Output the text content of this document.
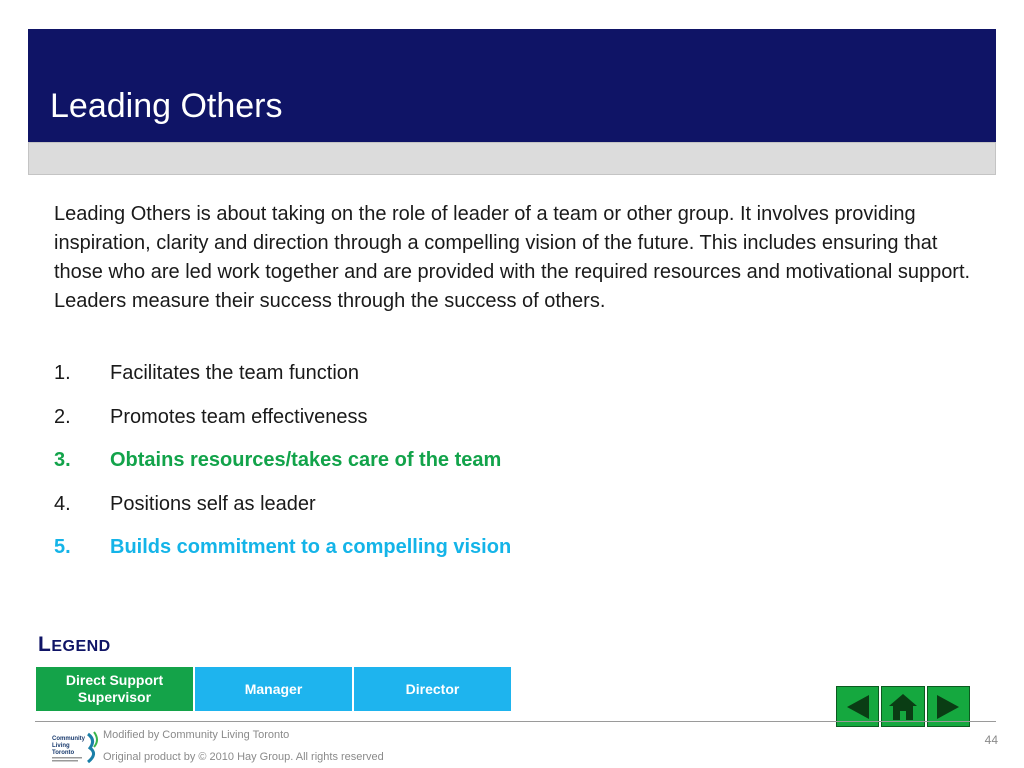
Leading Others

Leading Others is about taking on the role of leader of a team or other group. It involves providing inspiration, clarity and direction through a compelling vision of the future. This includes ensuring that those who are led work together and are provided with the required resources and motivational support. Leaders measure their success through the success of others.

1. Facilitates the team function
2. Promotes team effectiveness
3. Obtains resources/takes care of the team
4. Positions self as leader
5. Builds commitment to a compelling vision
LEGEND
Direct Support Supervisor
Manager	Director
Community
Living
Toronto
Modified by Community Living Toronto
Original product by © 2010 Hay Group. All rights reserved
44
